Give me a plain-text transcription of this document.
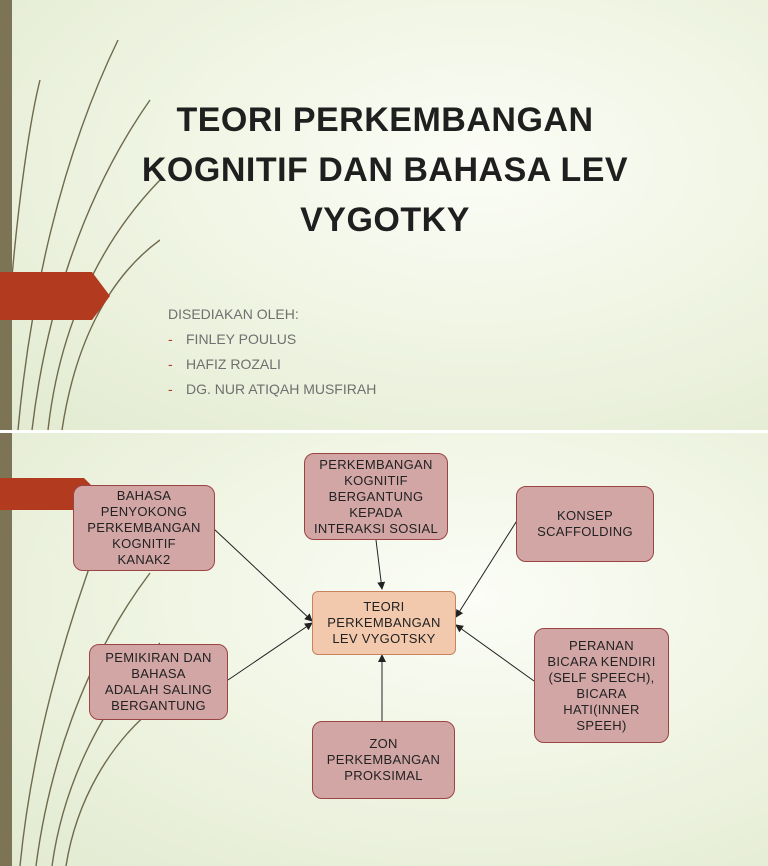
TEORI PERKEMBANGAN
KOGNITIF DAN BAHASA LEV
VYGOTKY
DISEDIAKAN OLEH:
- FINLEY POULUS
- HAFIZ ROZALI
- DG. NUR ATIQAH MUSFIRAH
PERKEMBANGAN
KOGNITIF
BERGANTUNG
KEPADA
INTERAKSI SOSIAL
BAHASA
PENYOKONG
PERKEMBANGAN
KOGNITIF
KANAK2
KONSEP
SCAFFOLDING
TEORI
PERKEMBANGAN
LEV VYGOTSKY
PEMIKIRAN DAN
BAHASA
ADALAH SALING
BERGANTUNG
PERANAN
BICARA KENDIRI
(SELF SPEECH),
BICARA
HATI(INNER
SPEEH)
ZON
PERKEMBANGAN
PROKSIMAL
